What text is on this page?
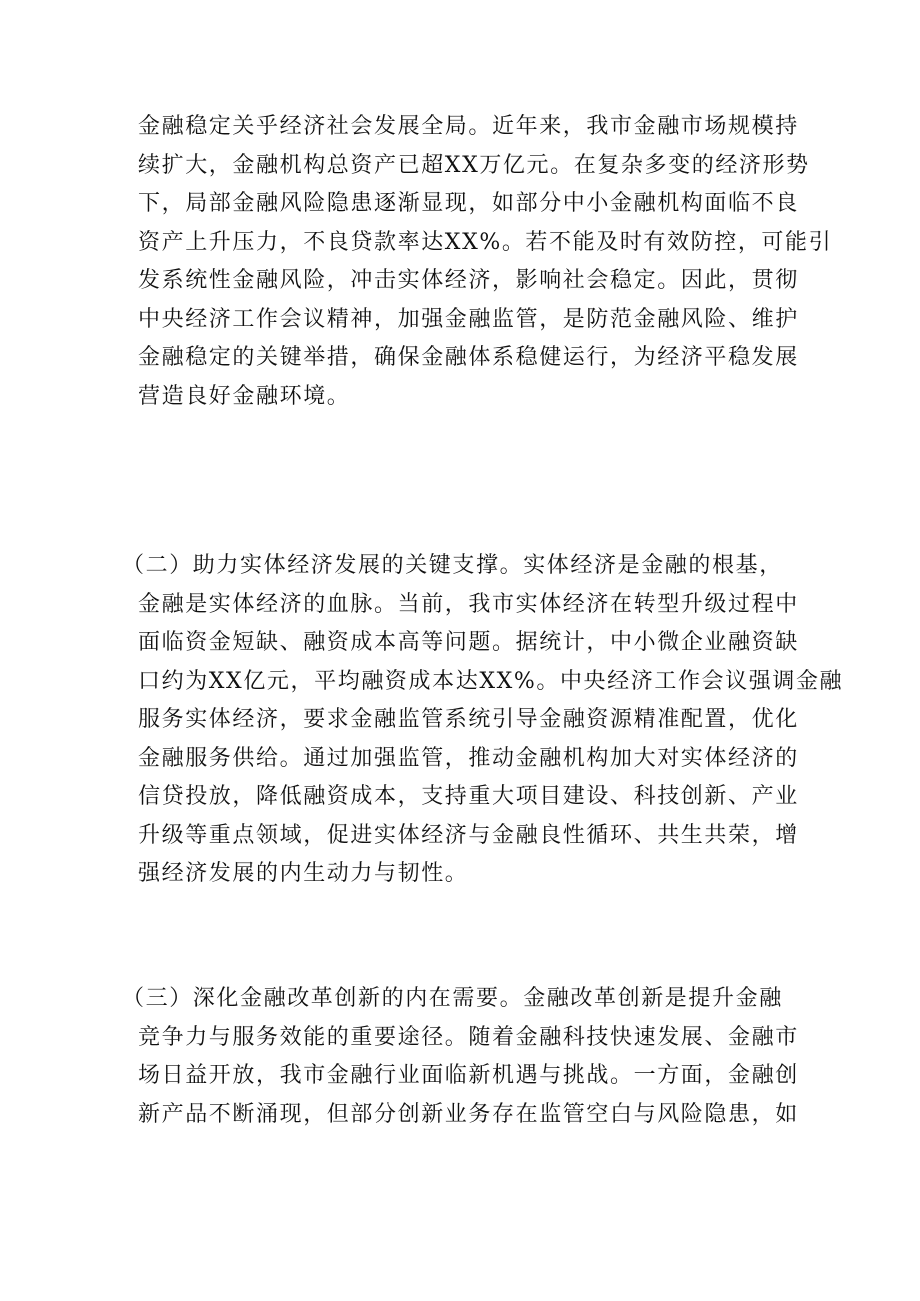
金融稳定关乎经济社会发展全局。近年来，我市金融市场规模持
续扩大，金融机构总资产已超XX万亿元。在复杂多变的经济形势
下，局部金融风险隐患逐渐显现，如部分中小金融机构面临不良
资产上升压力，不良贷款率达XX%。若不能及时有效防控，可能引
发系统性金融风险，冲击实体经济，影响社会稳定。因此，贯彻
中央经济工作会议精神，加强金融监管，是防范金融风险、维护
金融稳定的关键举措，确保金融体系稳健运行，为经济平稳发展
营造良好金融环境。
（二）助力实体经济发展的关键支撑。实体经济是金融的根基，
金融是实体经济的血脉。当前，我市实体经济在转型升级过程中
面临资金短缺、融资成本高等问题。据统计，中小微企业融资缺
口约为XX亿元，平均融资成本达XX%。中央经济工作会议强调金融
服务实体经济，要求金融监管系统引导金融资源精准配置，优化
金融服务供给。通过加强监管，推动金融机构加大对实体经济的
信贷投放，降低融资成本，支持重大项目建设、科技创新、产业
升级等重点领域，促进实体经济与金融良性循环、共生共荣，增
强经济发展的内生动力与韧性。
（三）深化金融改革创新的内在需要。金融改革创新是提升金融
竞争力与服务效能的重要途径。随着金融科技快速发展、金融市
场日益开放，我市金融行业面临新机遇与挑战。一方面，金融创
新产品不断涌现，但部分创新业务存在监管空白与风险隐患，如
